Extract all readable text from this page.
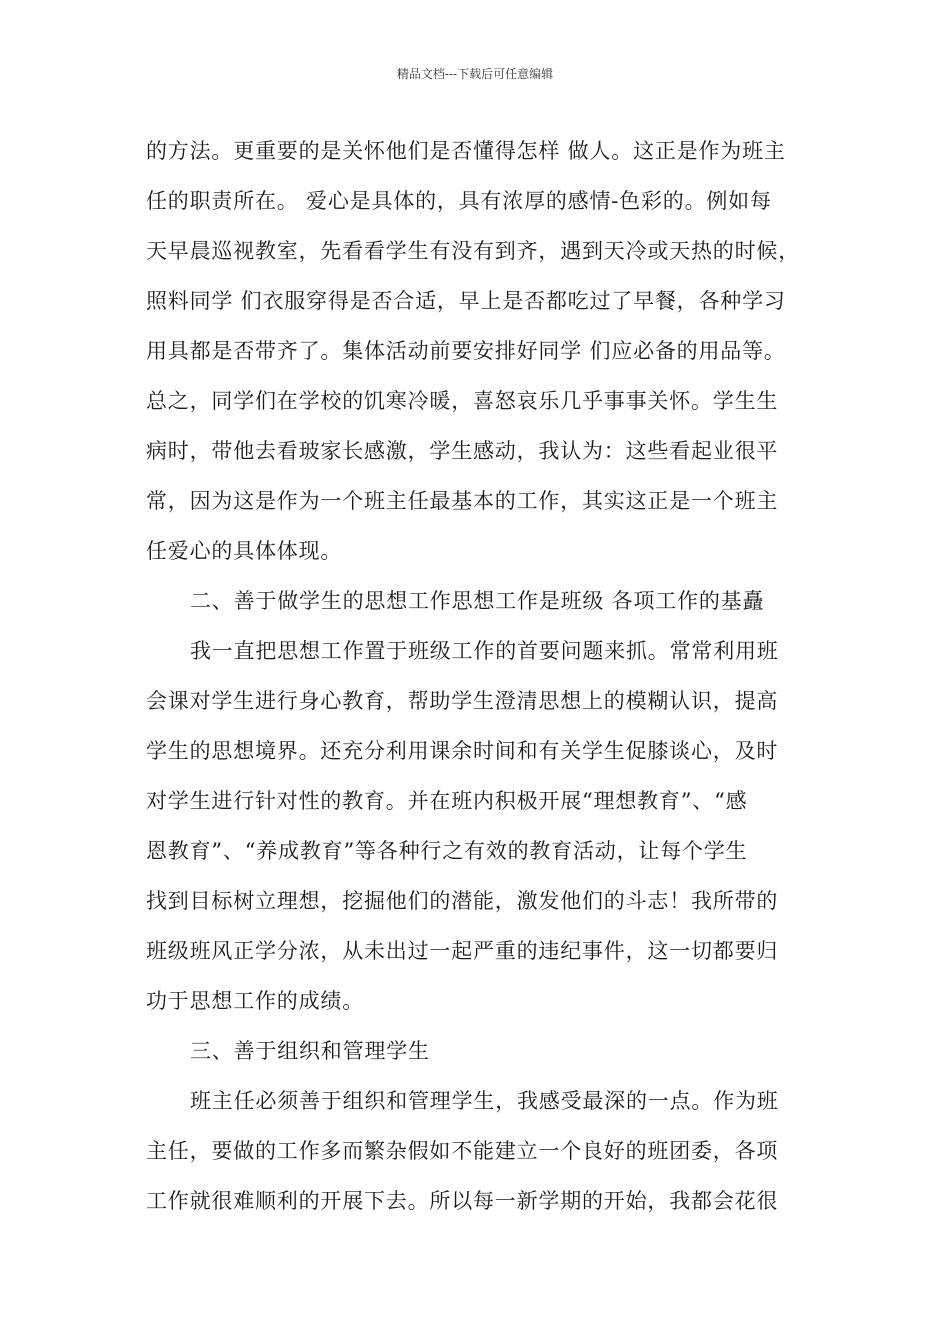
精品文档---下载后可任意编辑
的方法。更重要的是关怀他们是否懂得怎样 做人。这正是作为班主
任的职责所在。 爱心是具体的，具有浓厚的感情-色彩的。例如每
天早晨巡视教室，先看看学生有没有到齐，遇到天冷或天热的时候，
照料同学 们衣服穿得是否合适，早上是否都吃过了早餐，各种学习
用具都是否带齐了。集体活动前要安排好同学 们应必备的用品等。
总之，同学们在学校的饥寒冷暖，喜怒哀乐几乎事事关怀。学生生
病时，带他去看玻家长感激，学生感动，我认为：这些看起业很平
常，因为这是作为一个班主任最基本的工作，其实这正是一个班主
任爱心的具体体现。
二、善于做学生的思想工作思想工作是班级 各项工作的基矗
我一直把思想工作置于班级工作的首要问题来抓。常常利用班
会课对学生进行身心教育，帮助学生澄清思想上的模糊认识，提高
学生的思想境界。还充分利用课余时间和有关学生促膝谈心，及时
对学生进行针对性的教育。并在班内积极开展“理想教育”、“感
恩教育”、“养成教育”等各种行之有效的教育活动，让每个学生
找到目标树立理想，挖掘他们的潜能，激发他们的斗志！我所带的
班级班风正学分浓，从未出过一起严重的违纪事件，这一切都要归
功于思想工作的成绩。
三、善于组织和管理学生
班主任必须善于组织和管理学生，我感受最深的一点。作为班
主任，要做的工作多而繁杂假如不能建立一个良好的班团委，各项
工作就很难顺利的开展下去。所以每一新学期的开始，我都会花很
